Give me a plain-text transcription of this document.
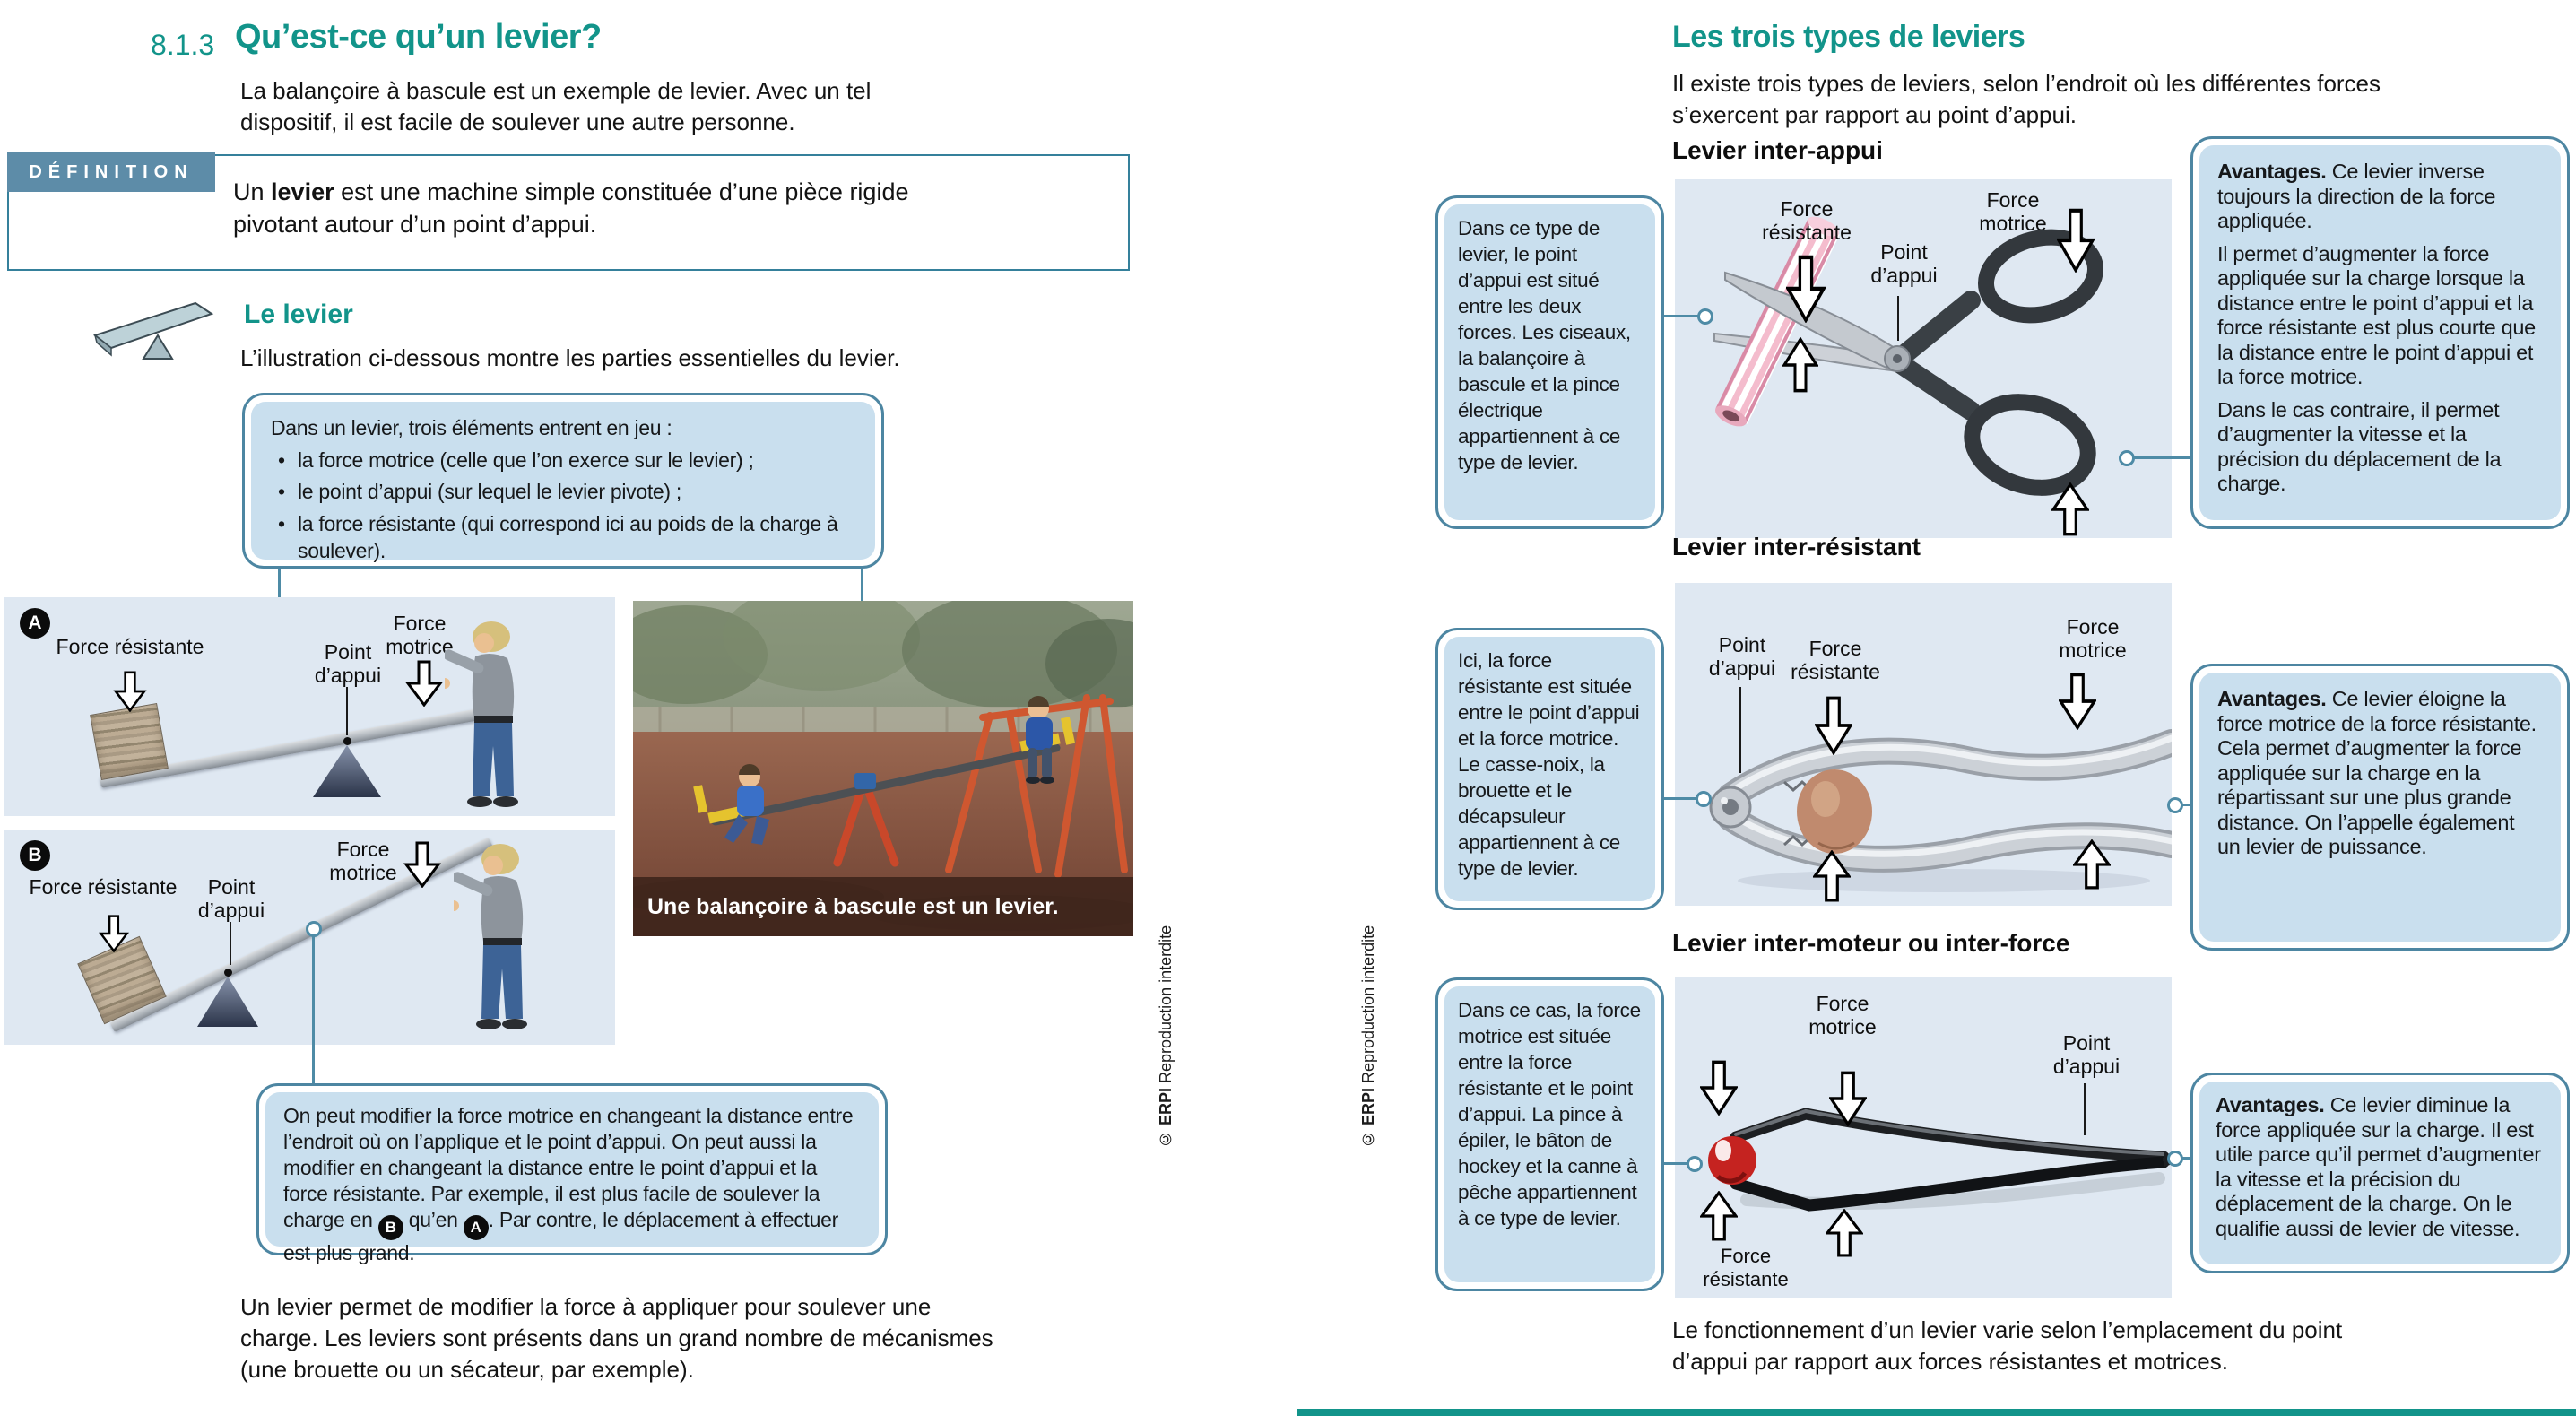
8.1.3 Qu’est-ce qu’un levier?
La balançoire à bascule est un exemple de levier. Avec un tel dispositif, il est facile de soulever une autre personne.
DÉFINITION
Un levier est une machine simple constituée d’une pièce rigide pivotant autour d’un point d’appui.
Le levier
L’illustration ci-dessous montre les parties essentielles du levier.
Dans un levier, trois éléments entrent en jeu :
• la force motrice (celle que l’on exerce sur le levier) ;
• le point d’appui (sur lequel le levier pivote) ;
• la force résistante (qui correspond ici au poids de la charge à soulever).
A
Force résistante	Point d’appui
Force motrice
B
Force résistante	Point d’appui
Force motrice
Une balançoire à bascule est un levier.
On peut modifier la force motrice en changeant la distance entre l’endroit où on l’applique et le point d’appui. On peut aussi la modifier en changeant la distance entre le point d’appui et la force résistante. Par exemple, il est plus facile de soulever la charge en B qu’en A . Par contre, le déplacement à effectuer est plus grand.
Un levier permet de modifier la force à appliquer pour soulever une charge. Les leviers sont présents dans un grand nombre de mécanismes (une brouette ou un sécateur, par exemple).
© ERPI Reproduction interdite
© ERPI Reproduction interdite
Les trois types de leviers
Il existe trois types de leviers, selon l’endroit où les différentes forces s’exercent par rapport au point d’appui.
Levier inter-appui
Force résistante
Point d’appui
Force motrice
Dans ce type de levier, le point d’appui est situé entre les deux forces. Les ciseaux, la balançoire à bascule et la pince électrique appartiennent à ce type de levier.

Avantages. Ce levier inverse toujours la direction de la force appliquée.

Il permet d’augmenter la force appliquée sur la charge lorsque la distance entre le point d’appui et la force résistante est plus courte que la distance entre le point d’appui et la force motrice.

Dans le cas contraire, il permet d’augmenter la vitesse et la précision du déplacement de la charge.

Levier inter-résistant
Point d’appui
Force résistante
Force motrice
Ici, la force résistante est située entre le point d’appui et la force motrice. Le casse-noix, la brouette et le décapsuleur appartiennent à ce type de levier.

Avantages. Ce levier éloigne la force motrice de la force résistante. Cela permet d’augmenter la force appliquée sur la charge en la répartissant sur une plus grande distance. On l’appelle également un levier de puissance.

Levier inter-moteur ou inter-force
Force motrice
Point d’appui
Force résistante
Dans ce cas, la force motrice est située entre la force résistante et le point d’appui. La pince à épiler, le bâton de hockey et la canne à pêche appartiennent à ce type de levier.

Avantages. Ce levier diminue la force appliquée sur la charge. Il est utile parce qu’il permet d’augmenter la vitesse et la précision du déplacement de la charge. On le qualifie aussi de levier de vitesse.

Le fonctionnement d’un levier varie selon l’emplacement du point d’appui par rapport aux forces résistantes et motrices.
